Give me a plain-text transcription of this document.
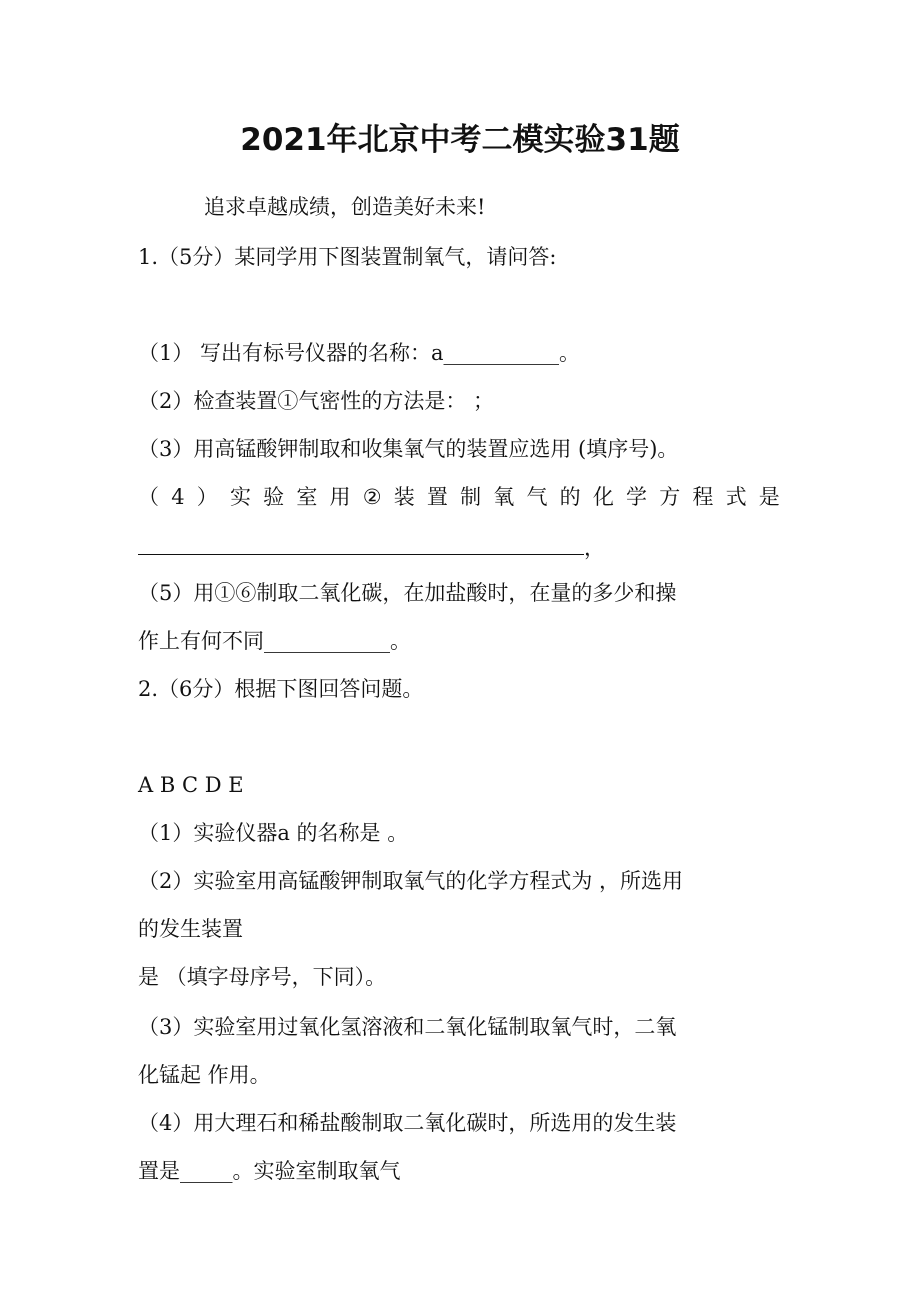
2021年北京中考二模实验31题
追求卓越成绩，创造美好未来!
1.（5分）某同学用下图装置制氧气，请问答:
（1） 写出有标号仪器的名称：a___________。
（2）检查装置①气密性的方法是： ；
（3）用高锰酸钾制取和收集氧气的装置应选用 (填序号)。
（ 4 ） 实 验 室 用 ② 装 置 制 氧 气 的 化 学 方 程 式 是
，
（5）用①⑥制取二氧化碳，在加盐酸时，在量的多少和操
作上有何不同____________。
2.（6分）根据下图回答问题。
A B C D E
（1）实验仪器a 的名称是 。
（2）实验室用高锰酸钾制取氧气的化学方程式为 ，所选用
的发生装置
是 （填字母序号，下同）。
（3）实验室用过氧化氢溶液和二氧化锰制取氧气时，二氧
化锰起 作用。
（4）用大理石和稀盐酸制取二氧化碳时，所选用的发生装
置是_____。实验室制取氧气
